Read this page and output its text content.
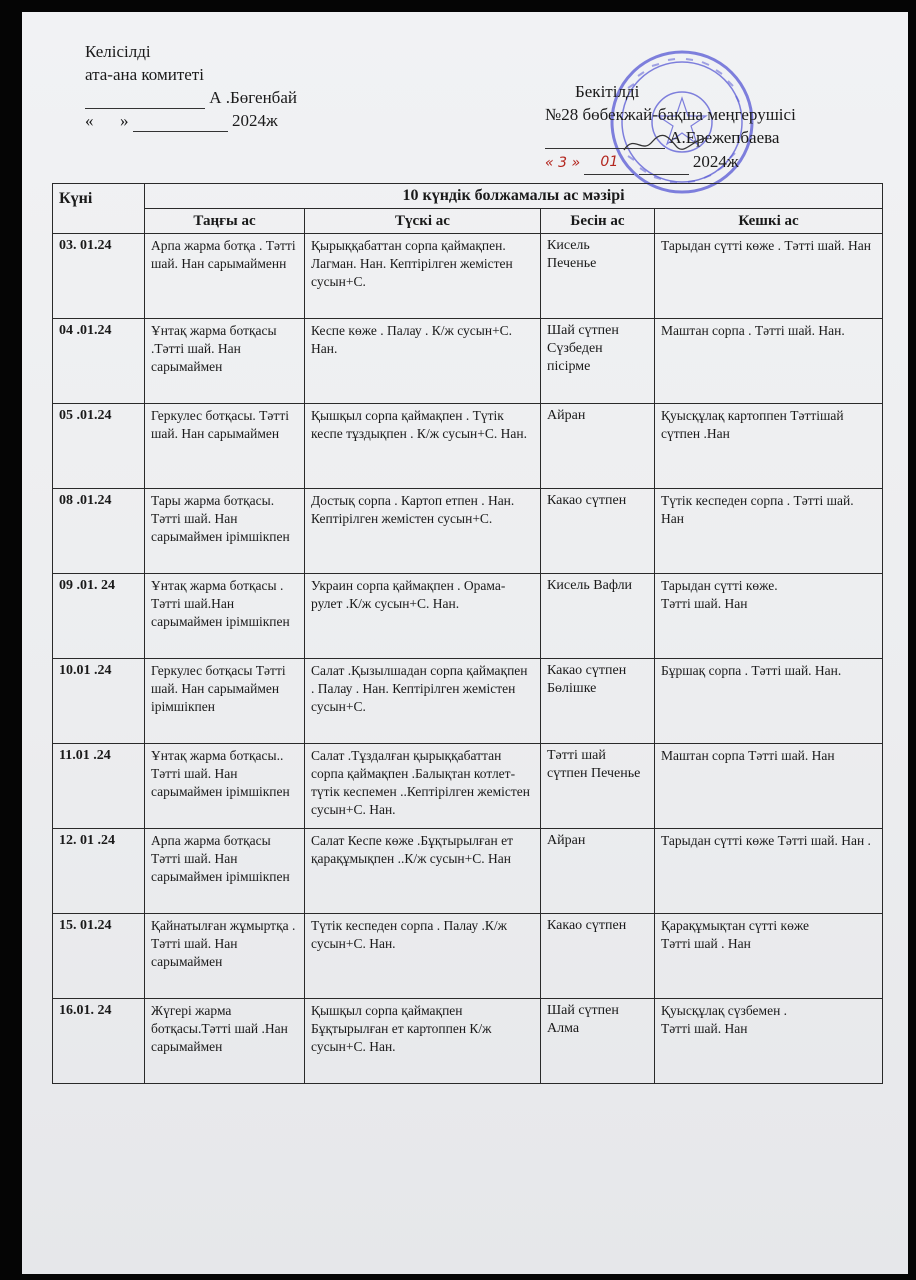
Келісілді
ата-ана комитеті
А .Бөгенбай
« »	2024ж
Бекітілді
№28 бөбекжай-бақша меңгерушісі
А.Ережепбаева
« 3 » 01	2024ж
Күні	10 күндік болжамалы ас мәзірі			
	Таңғы ас	Түскі ас	Бесін ас	Кешкі ас
03. 01.24	Арпа жарма ботқа . Тәтті шай. Нан сарымайменн	Қырыққабаттан сорпа қаймақпен. Лагман. Нан. Кептірілген жемістен сусын+С.	Кисель
Печенье	Тарыдан сүтті көже . Тәтті шай. Нан
04 .01.24	Ұнтақ жарма ботқасы .Тәтті шай. Нан сарымаймен	Кеспе көже . Палау . К/ж сусын+С. Нан.	Шай сүтпен Сүзбеден пісірме	Маштан сорпа . Тәтті шай. Нан.
05 .01.24	Геркулес ботқасы. Тәтті шай. Нан сарымаймен	Қышқыл сорпа қаймақпен . Түтік кеспе тұздықпен . К/ж сусын+С. Нан.	Айран	Қуысқұлақ картоппен Тәттішай сүтпен .Нан
08 .01.24	Тары жарма ботқасы. Тәтті шай. Нан сарымаймен ірімшікпен	Достық сорпа . Картоп етпен . Нан. Кептірілген жемістен сусын+С.	Какао сүтпен	Түтік кеспеден сорпа . Тәтті шай. Нан
09 .01. 24	Ұнтақ жарма ботқасы . Тәтті шай.Нан сарымаймен ірімшікпен	Украин сорпа қаймақпен . Орама- рулет .К/ж сусын+С. Нан.	Кисель Вафли	Тарыдан сүтті көже.
Тәтті шай. Нан
10.01 .24	Геркулес ботқасы Тәтті шай. Нан сарымаймен ірімшікпен	Салат .Қызылшадан сорпа қаймақпен . Палау . Нан. Кептірілген жемістен сусын+С.	Какао сүтпен Бөлішке	Бұршақ сорпа . Тәтті шай. Нан.
11.01 .24	Ұнтақ жарма ботқасы.. Тәтті шай. Нан сарымаймен ірімшікпен	Салат .Тұздалған қырыққабаттан сорпа қаймақпен .Балықтан котлет- түтік кеспемен ..Кептірілген жемістен сусын+С. Нан.	Тәтті шай сүтпен Печенье	Маштан сорпа Тәтті шай. Нан
12. 01 .24	Арпа жарма ботқасы Тәтті шай. Нан сарымаймен ірімшікпен	Салат Кеспе көже .Бұқтырылған ет қарақұмықпен ..К/ж сусын+С. Нан	Айран	Тарыдан сүтті көже Тәтті шай. Нан .
15. 01.24	Қайнатылған жұмыртқа . Тәтті шай. Нан сарымаймен	Түтік кеспеден сорпа . Палау .К/ж сусын+С. Нан.	Какао сүтпен	Қарақұмықтан сүтті көже
Тәтті шай . Нан
16.01. 24	Жүгері жарма ботқасы.Тәтті шай .Нан сарымаймен	Қышқыл сорпа қаймақпен Бұқтырылған ет картоппен К/ж сусын+С. Нан.	Шай сүтпен Алма	Қуысқұлақ сүзбемен .
Тәтті шай. Нан
